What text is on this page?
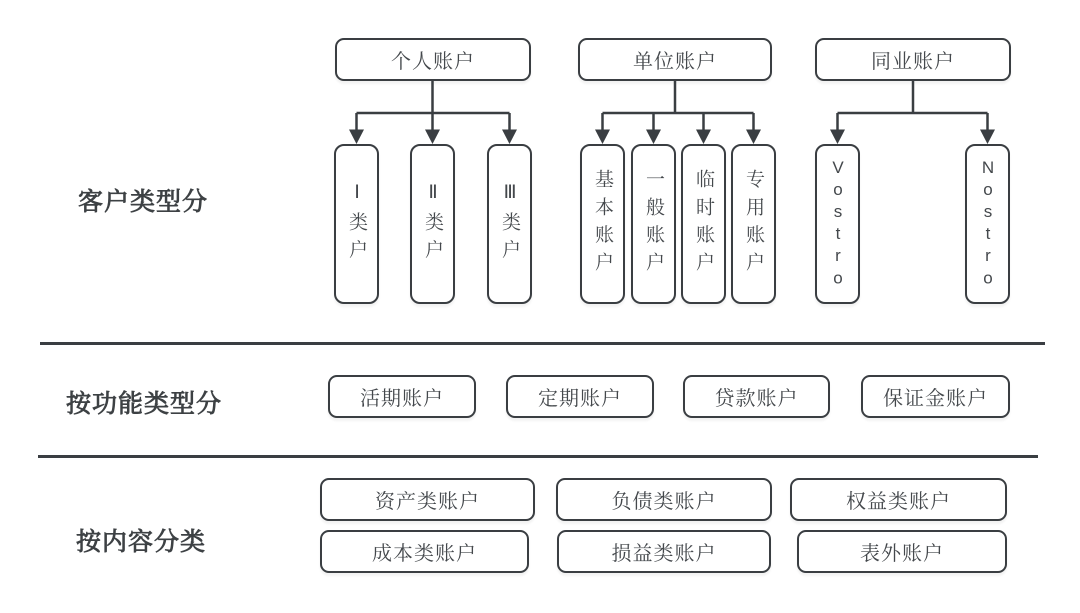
客户类型分
个人账户	单位账户	同业账户
Ⅰ类户	Ⅱ类户	Ⅲ类户	基本账户	一般账户	临时账户	专用账户	Vostro	Nostro
按功能类型分	活期账户	定期账户	贷款账户	保证金账户
按内容分类
资产类账户	负债类账户	权益类账户
成本类账户	损益类账户	表外账户
